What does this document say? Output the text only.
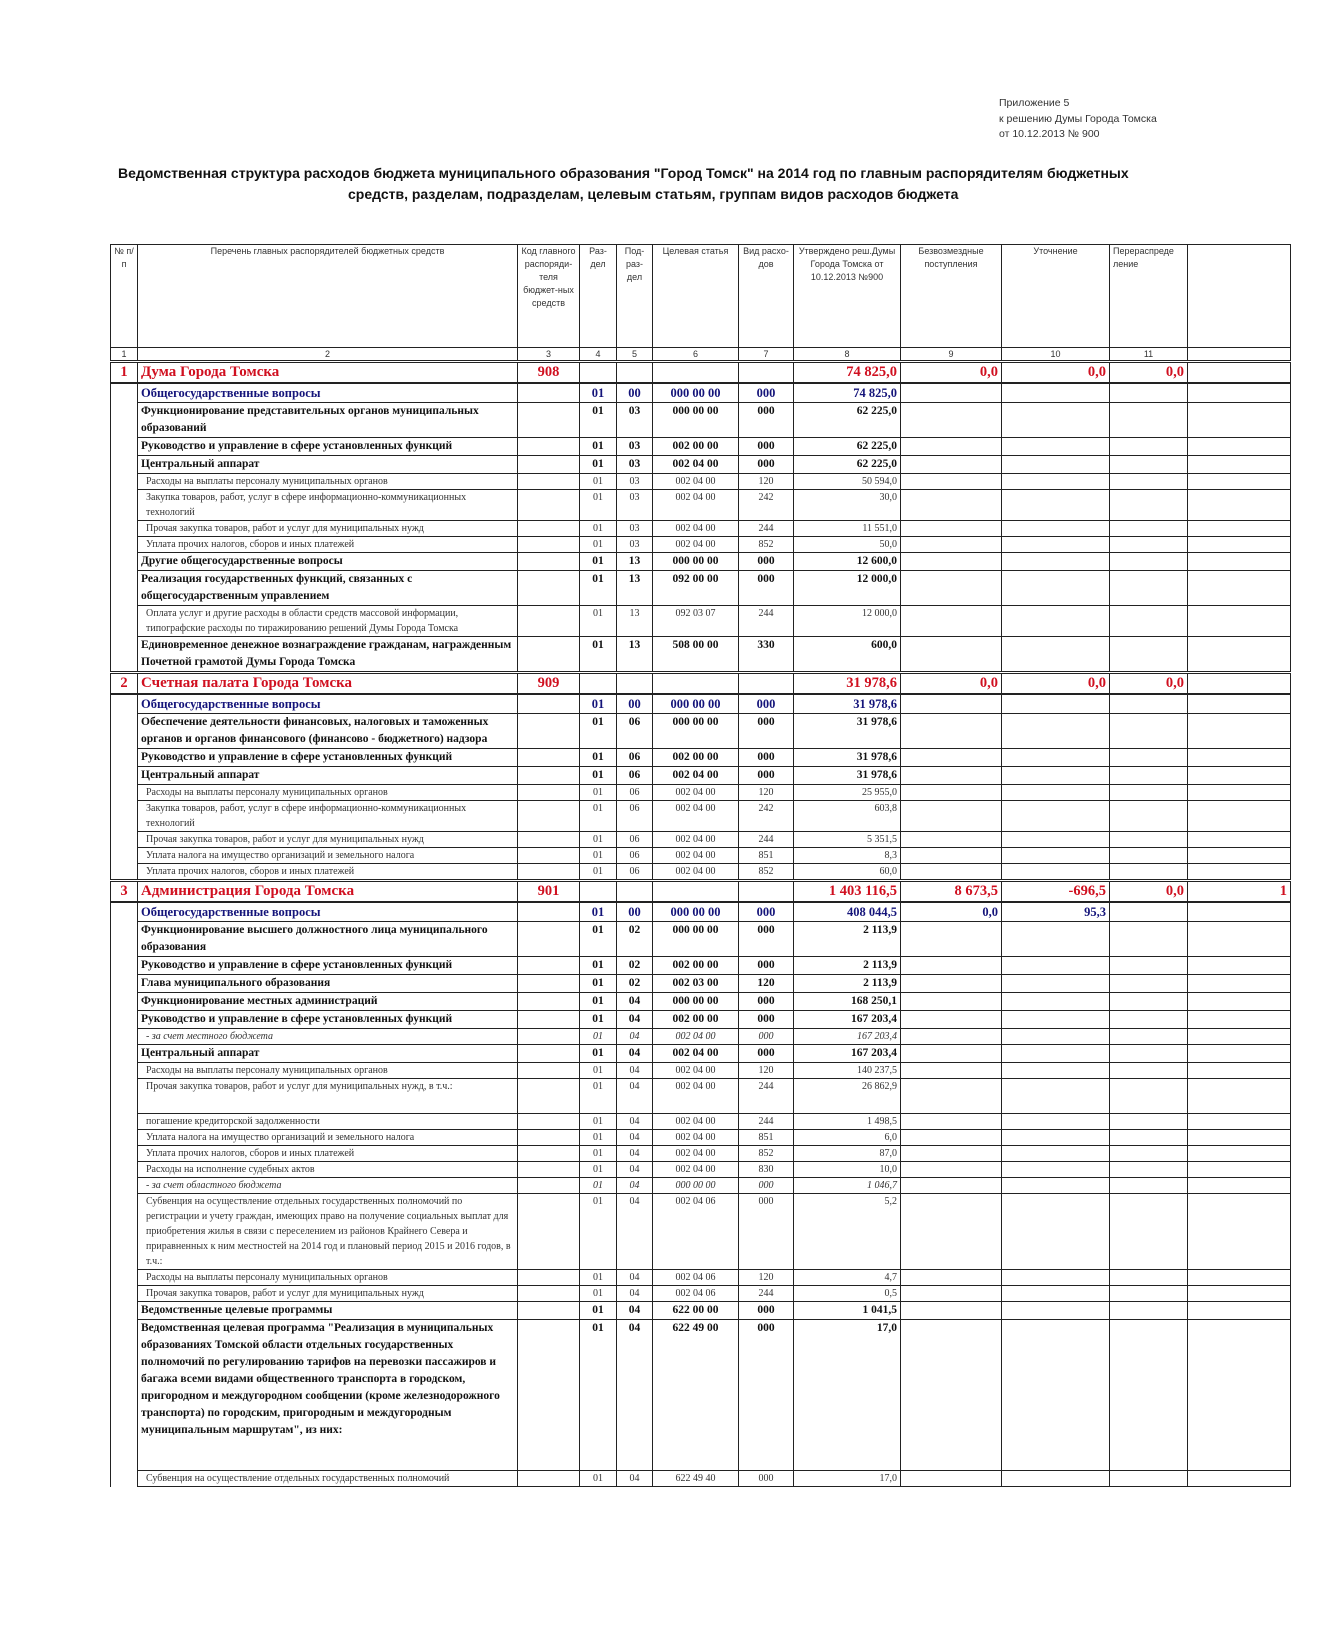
Приложение 5
к решению Думы Города Томска
от 10.12.2013 № 900
Ведомственная структура расходов бюджета муниципального образования "Город Томск" на 2014 год по главным распорядителям бюджетных
средств, разделам, подразделам, целевым статьям, группам видов расходов бюджета
№ п/п	Перечень главных распорядителей бюджетных средств	Код главного распоряди-теля бюджет-ных средств	Раз-дел	Под-раз-дел	Целевая статья	Вид расхо-дов	Утверждено реш.Думы Города Томска от 10.12.2013 №900	Безвозмездные поступления	Уточнение	Перераспреде ление	
1	2	3	4	5	6	7	8	9	10	11	
1	Дума Города Томска	908					74 825,0	0,0	0,0	0,0	
	Общегосударственные вопросы		01	00	000 00 00	000	74 825,0				
	Функционирование представительных органов муниципальных образований		01	03	000 00 00	000	62 225,0				
	Руководство и управление в сфере установленных функций		01	03	002 00 00	000	62 225,0				
	Центральный аппарат		01	03	002 04 00	000	62 225,0				
	Расходы на выплаты персоналу муниципальных органов		01	03	002 04 00	120	50 594,0				
	Закупка товаров, работ, услуг в сфере информационно-коммуникационных технологий		01	03	002 04 00	242	30,0				
	Прочая закупка товаров, работ и услуг для муниципальных нужд		01	03	002 04 00	244	11 551,0				
	Уплата прочих налогов, сборов и иных платежей		01	03	002 04 00	852	50,0				
	Другие общегосударственные вопросы		01	13	000 00 00	000	12 600,0				
	Реализация государственных функций, связанных с общегосударственным управлением		01	13	092 00 00	000	12 000,0				
	Оплата услуг и другие расходы в области средств массовой информации, типографские расходы по тиражированию решений Думы Города Томска		01	13	092 03 07	244	12 000,0				
	Единовременное денежное вознаграждение гражданам, награжденным Почетной грамотой Думы Города Томска		01	13	508 00 00	330	600,0				
2	Счетная палата Города Томска	909					31 978,6	0,0	0,0	0,0	
	Общегосударственные вопросы		01	00	000 00 00	000	31 978,6				
	Обеспечение деятельности финансовых, налоговых и таможенных органов и органов финансового (финансово - бюджетного) надзора		01	06	000 00 00	000	31 978,6				
	Руководство и управление в сфере установленных функций		01	06	002 00 00	000	31 978,6				
	Центральный аппарат		01	06	002 04 00	000	31 978,6				
	Расходы на выплаты персоналу муниципальных органов		01	06	002 04 00	120	25 955,0				
	Закупка товаров, работ, услуг в сфере информационно-коммуникационных технологий		01	06	002 04 00	242	603,8				
	Прочая закупка товаров, работ и услуг для муниципальных нужд		01	06	002 04 00	244	5 351,5				
	Уплата налога на имущество организаций и земельного налога		01	06	002 04 00	851	8,3				
	Уплата прочих налогов, сборов и иных платежей		01	06	002 04 00	852	60,0				
3	Администрация Города Томска	901					1 403 116,5	8 673,5	-696,5	0,0	1
	Общегосударственные вопросы		01	00	000 00 00	000	408 044,5	0,0	95,3		
	Функционирование высшего должностного лица муниципального образования		01	02	000 00 00	000	2 113,9				
	Руководство и управление в сфере установленных функций		01	02	002 00 00	000	2 113,9				
	Глава муниципального образования		01	02	002 03 00	120	2 113,9				
	Функционирование местных администраций		01	04	000 00 00	000	168 250,1				
	Руководство и управление в сфере установленных функций		01	04	002 00 00	000	167 203,4				
	- за счет местного бюджета		01	04	002 04 00	000	167 203,4				
	Центральный аппарат		01	04	002 04 00	000	167 203,4				
	Расходы на выплаты персоналу муниципальных органов		01	04	002 04 00	120	140 237,5				
	Прочая закупка товаров, работ и услуг для муниципальных нужд, в т.ч.:		01	04	002 04 00	244	26 862,9				
	погашение кредиторской задолженности		01	04	002 04 00	244	1 498,5				
	Уплата налога на имущество организаций и земельного налога		01	04	002 04 00	851	6,0				
	Уплата прочих налогов, сборов и иных платежей		01	04	002 04 00	852	87,0				
	Расходы на исполнение судебных актов		01	04	002 04 00	830	10,0				
	- за счет областного бюджета		01	04	000 00 00	000	1 046,7				
	Субвенция на осуществление отдельных государственных полномочий по регистрации и учету граждан, имеющих право на получение социальных выплат для приобретения жилья в связи с переселением из районов Крайнего Севера и приравненных к ним местностей на 2014 год и плановый период 2015 и 2016 годов, в т.ч.:		01	04	002 04 06	000	5,2				
	Расходы на выплаты персоналу муниципальных органов		01	04	002 04 06	120	4,7				
	Прочая закупка товаров, работ и услуг для муниципальных нужд		01	04	002 04 06	244	0,5				
	Ведомственные целевые программы		01	04	622 00 00	000	1 041,5				
	Ведомственная целевая программа "Реализация в муниципальных образованиях Томской области отдельных государственных полномочий по регулированию тарифов на перевозки пассажиров и багажа всеми видами общественного транспорта в городском, пригородном и междугородном сообщении (кроме железнодорожного транспорта) по городским, пригородным и междугородным муниципальным маршрутам", из них:		01	04	622 49 00	000	17,0				
	Субвенция на осуществление отдельных государственных полномочий		01	04	622 49 40	000	17,0				
